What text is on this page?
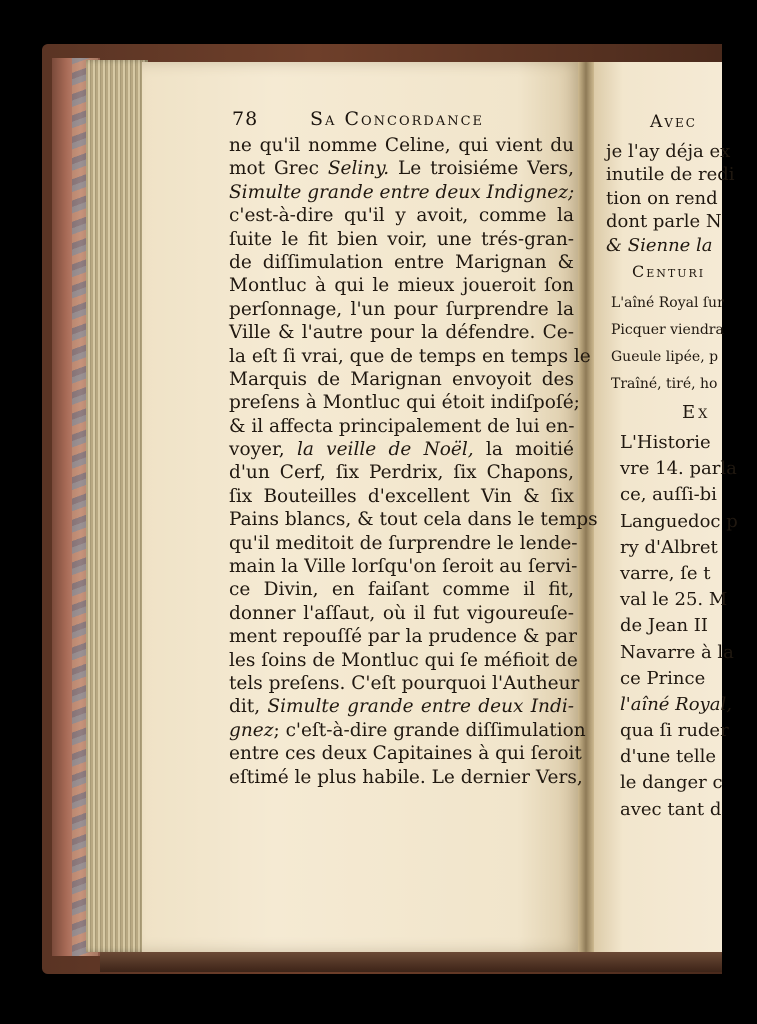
78	Sa Concordance
ne qu'il nomme Celine, qui vient du
mot Grec Seliny. Le troisiéme Vers,
Simulte grande entre deux Indignez;
c'est-à-dire qu'il y avoit, comme la
ſuite le fit bien voir, une trés-gran-
de diſſimulation entre Marignan &
Montluc à qui le mieux joueroit ſon
perſonnage, l'un pour ſurprendre la
Ville & l'autre pour la défendre. Ce-
la eſt ſi vrai, que de temps en temps le
Marquis de Marignan envoyoit des
preſens à Montluc qui étoit indiſpoſé;
& il affecta principalement de lui en-
voyer, la veille de Noël, la moitié
d'un Cerf, ſix Perdrix, ſix Chapons,
ſix Bouteilles d'excellent Vin & ſix
Pains blancs, & tout cela dans le temps
qu'il meditoit de ſurprendre le lende-
main la Ville lorſqu'on ſeroit au ſervi-
ce Divin, en faiſant comme il fit,
donner l'aſſaut, où il fut vigoureuſe-
ment repouſſé par la prudence & par
les ſoins de Montluc qui ſe méfioit de
tels preſens. C'eſt pourquoi l'Autheur
dit, Simulte grande entre deux Indi-
gnez; c'eſt-à-dire grande diſſimulation
entre ces deux Capitaines à qui ſeroit
eſtimé le plus habile. Le dernier Vers,
Avec
je l'ay déja ex
inutile de redi
tion on rend
dont parle N
& Sienne la
Centuri
L'aîné Royal ſur
Picquer viendra
Gueule lipée, p
Traîné, tiré, ho
Ex
L'Historie
vre 14. parla
ce, auſſi-bi
Languedoc p
ry d'Albret
varre, ſe t
val le 25. M
de Jean II
Navarre à la
ce Prince
l'aîné Royal,
qua ſi ruder
d'une telle
le danger c
avec tant d
